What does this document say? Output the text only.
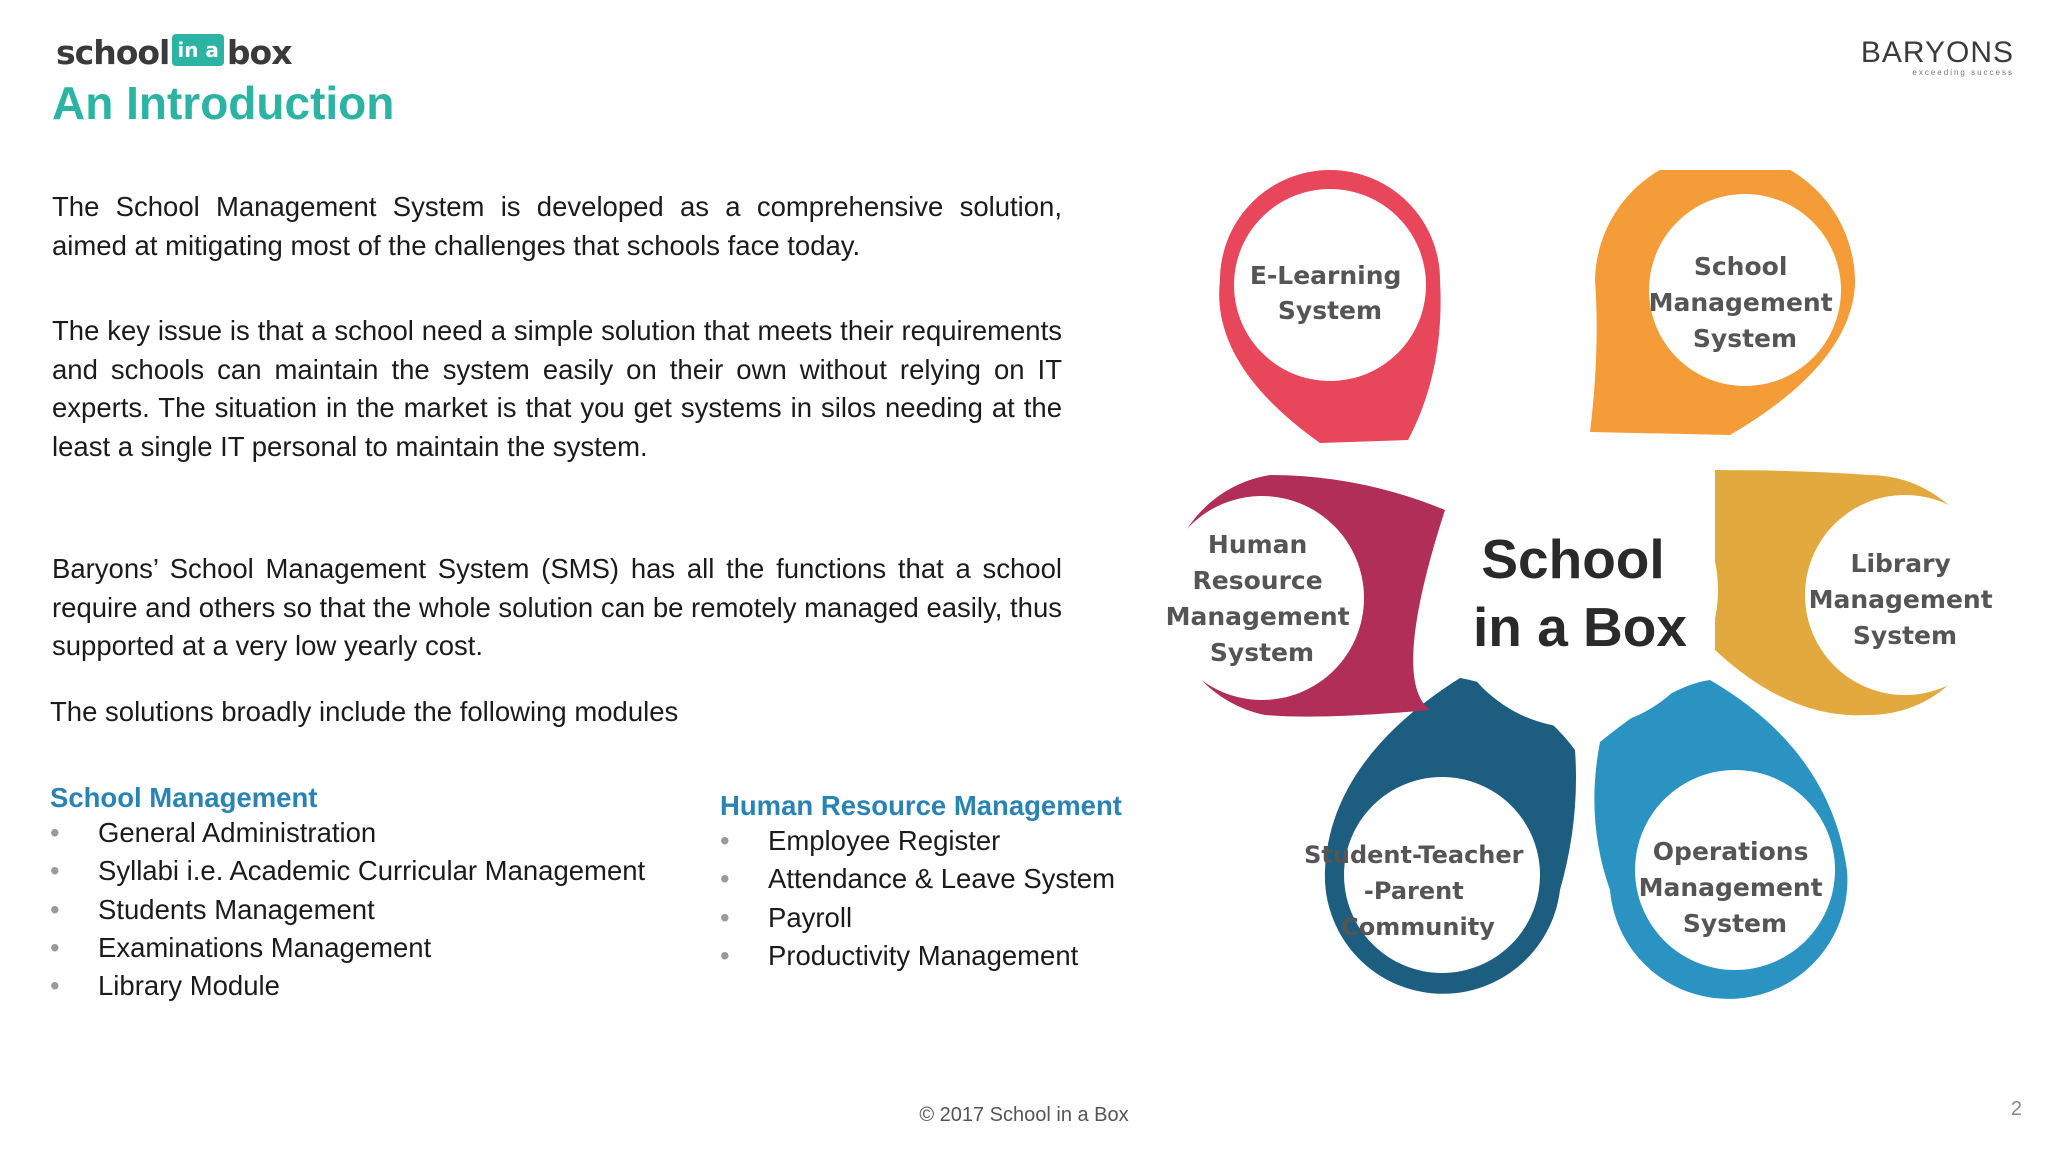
school in a box	BARYONS
exceeding success
An Introduction
The School Management System is developed as a comprehensive solution, aimed at mitigating most of the challenges that schools face today.
The key issue is that a school need a simple solution that meets their requirements and schools can maintain the system easily on their own without relying on IT experts. The situation in the market is that you get systems in silos needing at the least a single IT personal to maintain the system.
Baryons’ School Management System (SMS) has all the functions that a school require and others so that the whole solution can be remotely managed easily, thus supported at a very low yearly cost.
The solutions broadly include the following modules
School Management
• General Administration
• Syllabi i.e. Academic Curricular Management
• Students Management
• Examinations Management
• Library Module
Human Resource Management
• Employee Register
• Attendance & Leave System
• Payroll
• Productivity Management
E-Learning System
School Management System
Library Management System
Operations Management System
Student-Teacher -Parent Community
Human Resource Management System
School
in a Box
© 2017 School in a Box	2
